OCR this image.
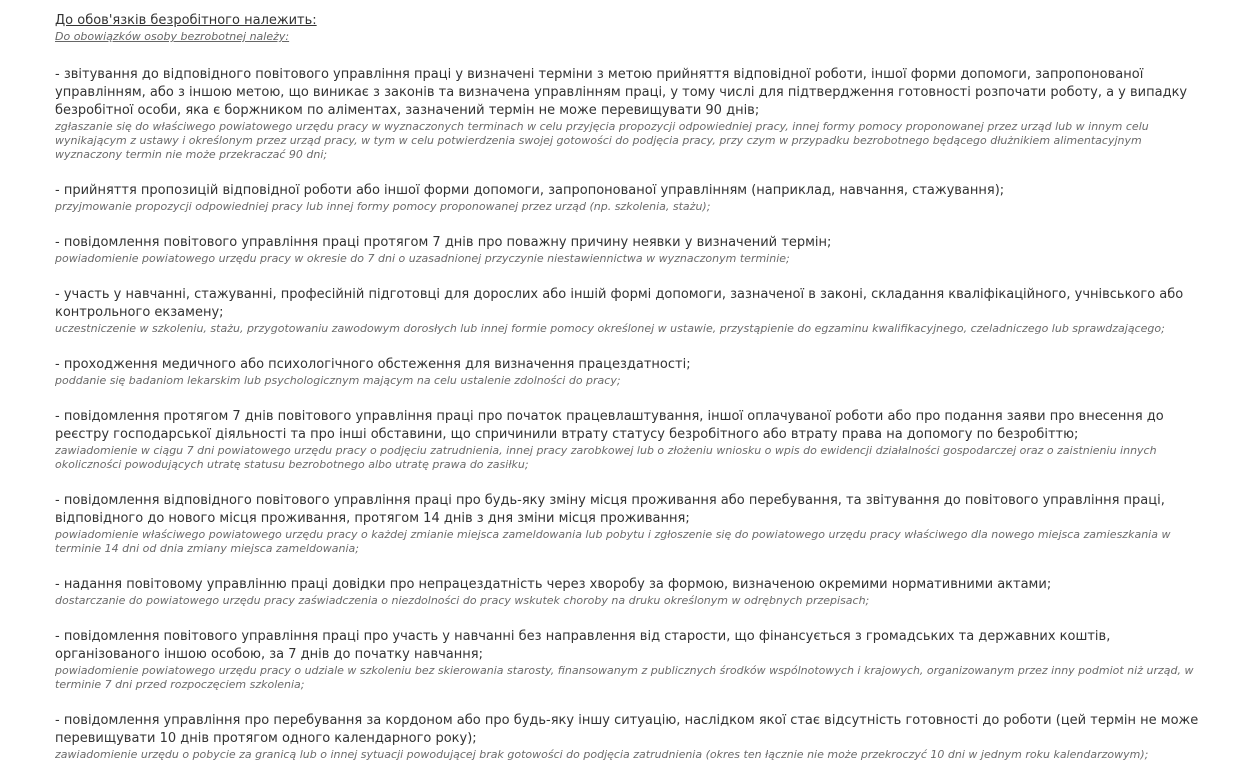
До обов'язків безробітного належить:

Do obowiązków osoby bezrobotnej należy:

- звітування до відповідного повітового управління праці у визначені терміни з метою прийняття відповідної роботи, іншої форми допомоги, запропонованої управлінням, або з іншою метою, що виникає з законів та визначена управлінням праці, у тому числі для підтвердження готовності розпочати роботу, а у випадку безробітної особи, яка є боржником по аліментах, зазначений термін не може перевищувати 90 днів;
zgłaszanie się do właściwego powiatowego urzędu pracy w wyznaczonych terminach w celu przyjęcia propozycji odpowiedniej pracy, innej formy pomocy proponowanej przez urząd lub w innym celu wynikającym z ustawy i określonym przez urząd pracy, w tym w celu potwierdzenia swojej gotowości do podjęcia pracy, przy czym w przypadku bezrobotnego będącego dłużnikiem alimentacyjnym wyznaczony termin nie może przekraczać 90 dni;
- прийняття пропозицій відповідної роботи або іншої форми допомоги, запропонованої управлінням (наприклад, навчання, стажування);
przyjmowanie propozycji odpowiedniej pracy lub innej formy pomocy proponowanej przez urząd (np. szkolenia, stażu);
- повідомлення повітового управління праці протягом 7 днів про поважну причину неявки у визначений термін;
powiadomienie powiatowego urzędu pracy w okresie do 7 dni o uzasadnionej przyczynie niestawiennictwa w wyznaczonym terminie;
- участь у навчанні, стажуванні, професійній підготовці для дорослих або іншій формі допомоги, зазначеної в законі, складання кваліфікаційного, учнівського або контрольного екзамену;
uczestniczenie w szkoleniu, stażu, przygotowaniu zawodowym dorosłych lub innej formie pomocy określonej w ustawie, przystąpienie do egzaminu kwalifikacyjnego, czeladniczego lub sprawdzającego;
- проходження медичного або психологічного обстеження для визначення працездатності;
poddanie się badaniom lekarskim lub psychologicznym mającym na celu ustalenie zdolności do pracy;
- повідомлення протягом 7 днів повітового управління праці про початок працевлаштування, іншої оплачуваної роботи або про подання заяви про внесення до реєстру господарської діяльності та про інші обставини, що спричинили втрату статусу безробітного або втрату права на допомогу по безробіттю;
zawiadomienie w ciągu 7 dni powiatowego urzędu pracy o podjęciu zatrudnienia, innej pracy zarobkowej lub o złożeniu wniosku o wpis do ewidencji działalności gospodarczej oraz o zaistnieniu innych okoliczności powodujących utratę statusu bezrobotnego albo utratę prawa do zasiłku;
- повідомлення відповідного повітового управління праці про будь-яку зміну місця проживання або перебування, та звітування до повітового управління праці, відповідного до нового місця проживання, протягом 14 днів з дня зміни місця проживання;
powiadomienie właściwego powiatowego urzędu pracy o każdej zmianie miejsca zameldowania lub pobytu i zgłoszenie się do powiatowego urzędu pracy właściwego dla nowego miejsca zamieszkania w terminie 14 dni od dnia zmiany miejsca zameldowania;
- надання повітовому управлінню праці довідки про непрацездатність через хворобу за формою, визначеною окремими нормативними актами;
dostarczanie do powiatowego urzędu pracy zaświadczenia o niezdolności do pracy wskutek choroby na druku określonym w odrębnych przepisach;
- повідомлення повітового управління праці про участь у навчанні без направлення від старости, що фінансується з громадських та державних коштів, організованого іншою особою, за 7 днів до початку навчання;
powiadomienie powiatowego urzędu pracy o udziale w szkoleniu bez skierowania starosty, finansowanym z publicznych środków wspólnotowych i krajowych, organizowanym przez inny podmiot niż urząd, w terminie 7 dni przed rozpoczęciem szkolenia;
- повідомлення управління про перебування за кордоном або про будь-яку іншу ситуацію, наслідком якої стає відсутність готовності до роботи (цей термін не може перевищувати 10 днів протягом одного календарного року);
zawiadomienie urzędu o pobycie za granicą lub o innej sytuacji powodującej brak gotowości do podjęcia zatrudnienia (okres ten łącznie nie może przekroczyć 10 dni w jednym roku kalendarzowym);
